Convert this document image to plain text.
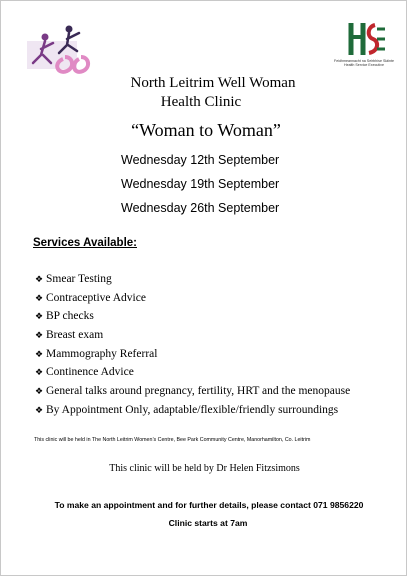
Feidhmeannacht na Seirbhíse Sláinte
Health Service Executive
North Leitrim Well Woman
Health Clinic
“Woman to Woman”
Wednesday 12th September
Wednesday 19th September
Wednesday 26th September
Services Available:
❖ Smear Testing
❖ Contraceptive Advice
❖ BP checks
❖ Breast exam
❖ Mammography Referral
❖ Continence Advice
❖ General talks around pregnancy, fertility, HRT and the menopause
❖ By Appointment Only, adaptable/flexible/friendly surroundings
This clinic will be held in The North Leitrim Women’s Centre, Bee Park Community Centre, Manorhamilton, Co. Leitrim
This clinic will be held by Dr Helen Fitzsimons
To make an appointment and for further details, please contact 071 9856220
Clinic starts at 7am
